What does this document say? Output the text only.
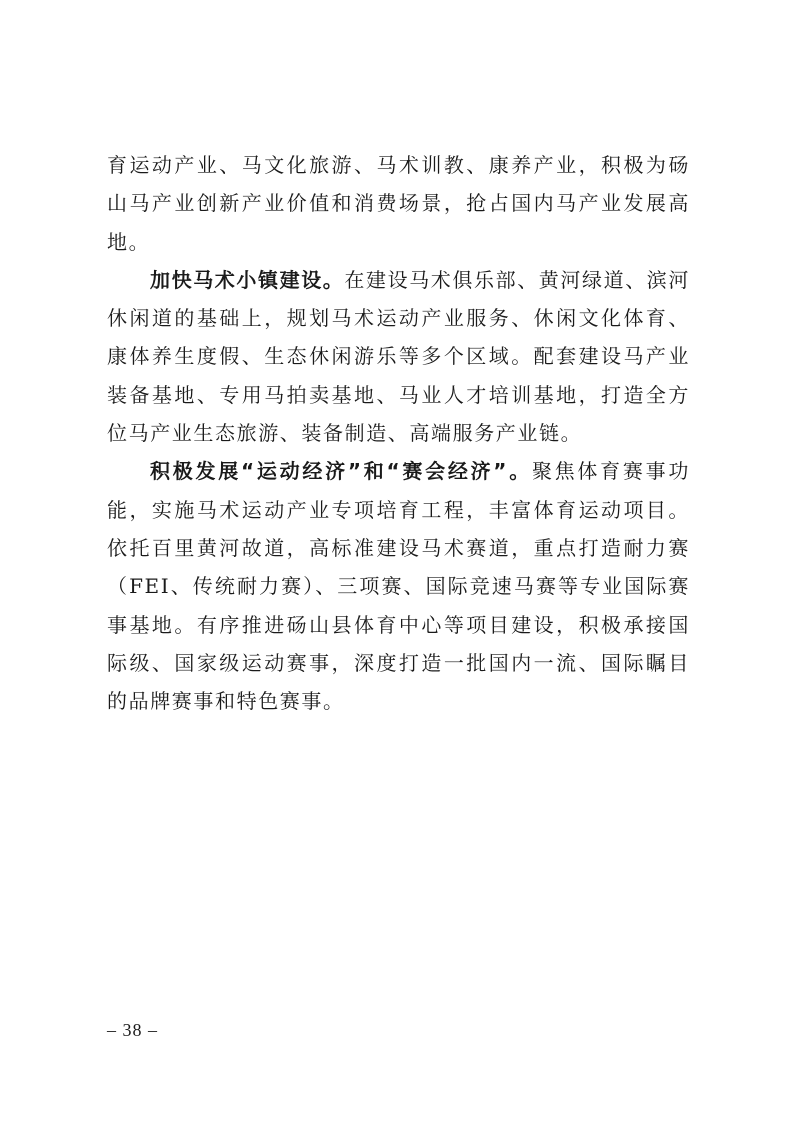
育运动产业、马文化旅游、马术训教、康养产业，积极为砀山马产业创新产业价值和消费场景，抢占国内马产业发展高地。

加快马术小镇建设。在建设马术俱乐部、黄河绿道、滨河休闲道的基础上，规划马术运动产业服务、休闲文化体育、康体养生度假、生态休闲游乐等多个区域。配套建设马产业装备基地、专用马拍卖基地、马业人才培训基地，打造全方位马产业生态旅游、装备制造、高端服务产业链。

积极发展“运动经济”和“赛会经济”。聚焦体育赛事功能，实施马术运动产业专项培育工程，丰富体育运动项目。依托百里黄河故道，高标准建设马术赛道，重点打造耐力赛（FEI、传统耐力赛）、三项赛、国际竞速马赛等专业国际赛事基地。有序推进砀山县体育中心等项目建设，积极承接国际级、国家级运动赛事，深度打造一批国内一流、国际瞩目的品牌赛事和特色赛事。

– 38 –
